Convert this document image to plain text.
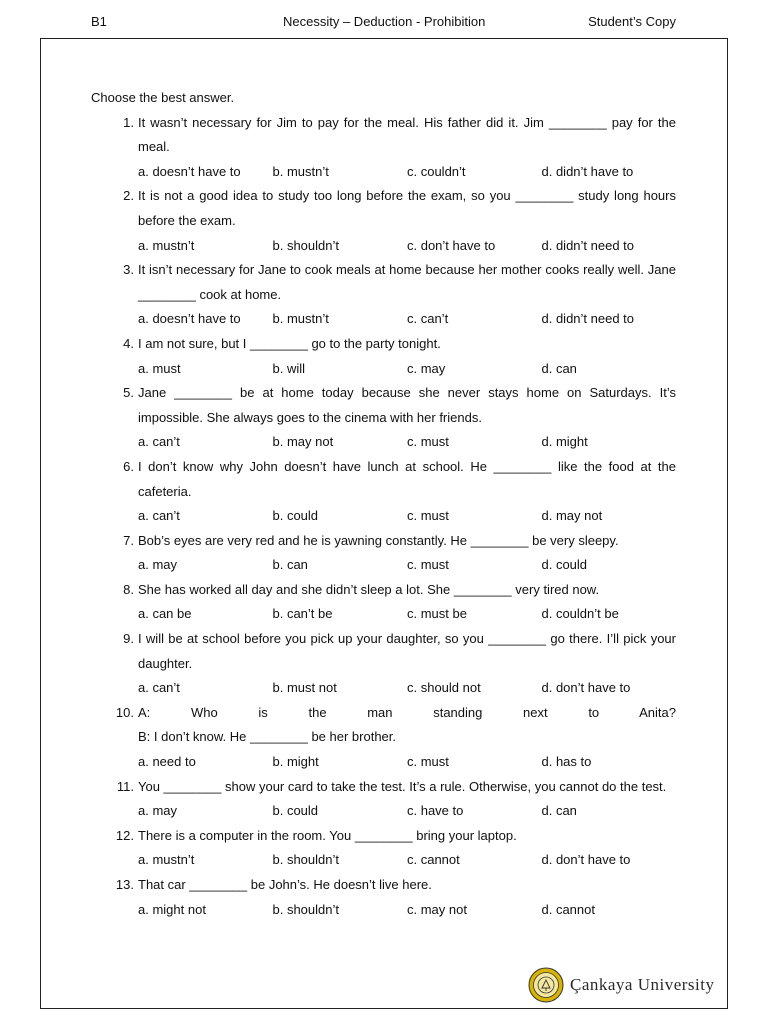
B1	Necessity – Deduction - Prohibition	Student’s Copy
Choose the best answer.
1. It wasn’t necessary for Jim to pay for the meal. His father did it. Jim ________ pay for the
meal.
a. doesn’t have to	b. mustn’t	c. couldn’t	d. didn’t have to
2. It is not a good idea to study too long before the exam, so you ________ study long hours
before the exam.
a. mustn’t	b. shouldn’t	c. don’t have to	d. didn’t need to
3. It isn’t necessary for Jane to cook meals at home because her mother cooks really well. Jane
________ cook at home.
a. doesn’t have to	b. mustn’t	c. can’t	d. didn’t need to
4. I am not sure, but I ________ go to the party tonight.
a. must	b. will	c. may	d. can
5. Jane ________ be at home today because she never stays home on Saturdays. It’s
impossible. She always goes to the cinema with her friends.
a. can’t	b. may not	c. must	d. might
6. I don’t know why John doesn’t have lunch at school. He ________ like the food at the
cafeteria.
a. can’t	b. could	c. must	d. may not
7. Bob’s eyes are very red and he is yawning constantly. He ________ be very sleepy.
a. may	b. can	c. must	d. could
8. She has worked all day and she didn’t sleep a lot. She ________ very tired now.
a. can be	b. can’t be	c. must be	d. couldn’t be
9. I will be at school before you pick up your daughter, so you ________ go there. I’ll pick your
daughter.
a. can’t	b. must not	c. should not	d. don’t have to
10. A: Who is the man standing next to Anita?
B: I don’t know. He ________ be her brother.
a. need to	b. might	c. must	d. has to
11. You ________ show your card to take the test. It’s a rule. Otherwise, you cannot do the test.
a. may	b. could	c. have to	d. can
12. There is a computer in the room. You ________ bring your laptop.
a. mustn’t	b. shouldn’t	c. cannot	d. don’t have to
13. That car ________ be John’s. He doesn’t live here.
a. might not	b. shouldn’t	c. may not	d. cannot
Çankaya University
